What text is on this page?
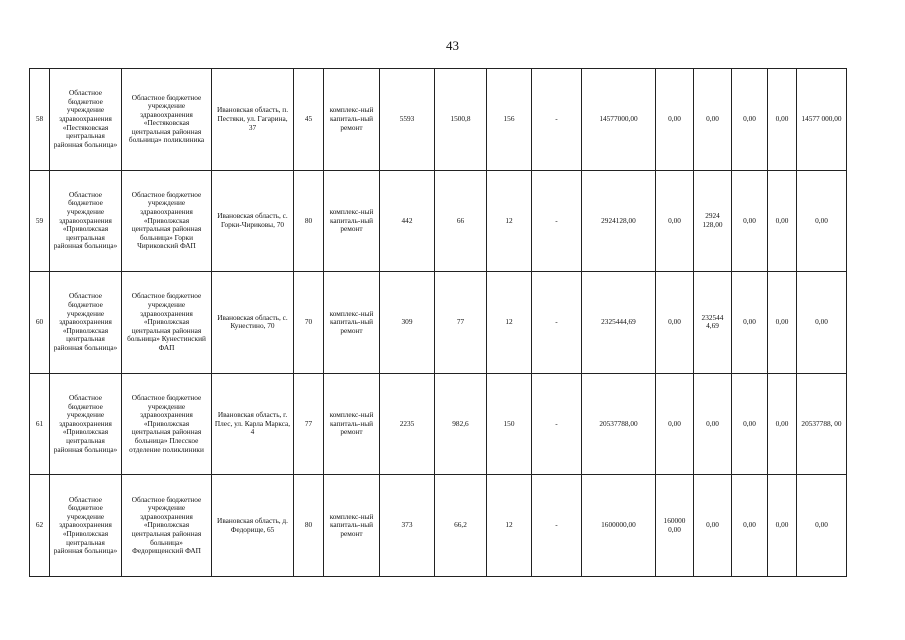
43
58	Областное бюджетное учреждение здравоохранения «Пестяковская центральная районная больница»	Областное бюджетное учреждение здравоохранения «Пестяковская центральная районная больница» поликлиника	Ивановская область, п. Пестяки, ул. Гагарина, 37	45	комплекс-ный капиталь-ный ремонт	5593	1500,8	156	-	14577000,00	0,00	0,00	0,00	0,00	14577 000,00
59	Областное бюджетное учреждение здравоохранения «Приволжская центральная районная больница»	Областное бюджетное учреждение здравоохранения «Приволжская центральная районная больница» Горки Чириковский ФАП	Ивановская область, с. Горки-Чириковы, 70	80	комплекс-ный капиталь-ный ремонт	442	66	12	-	2924128,00	0,00	2924 128,00	0,00	0,00	0,00
60	Областное бюджетное учреждение здравоохранения «Приволжская центральная районная больница»	Областное бюджетное учреждение здравоохранения «Приволжская центральная районная больница» Кунестинский ФАП	Ивановская область, с. Кунестино, 70	70	комплекс-ный капиталь-ный ремонт	309	77	12	-	2325444,69	0,00	232544 4,69	0,00	0,00	0,00
61	Областное бюджетное учреждение здравоохранения «Приволжская центральная районная больница»	Областное бюджетное учреждение здравоохранения «Приволжская центральная районная больница» Плесское отделение поликлиники	Ивановская область, г. Плес, ул. Карла Маркса, 4	77	комплекс-ный капиталь-ный ремонт	2235	982,6	150	-	20537788,00	0,00	0,00	0,00	0,00	20537788, 00
62	Областное бюджетное учреждение здравоохранения «Приволжская центральная районная больница»	Областное бюджетное учреждение здравоохранения «Приволжская центральная районная больница» Федорищенский ФАП	Ивановская область, д. Федорище, 65	80	комплекс-ный капиталь-ный ремонт	373	66,2	12	-	1600000,00	160000 0,00	0,00	0,00	0,00	0,00
